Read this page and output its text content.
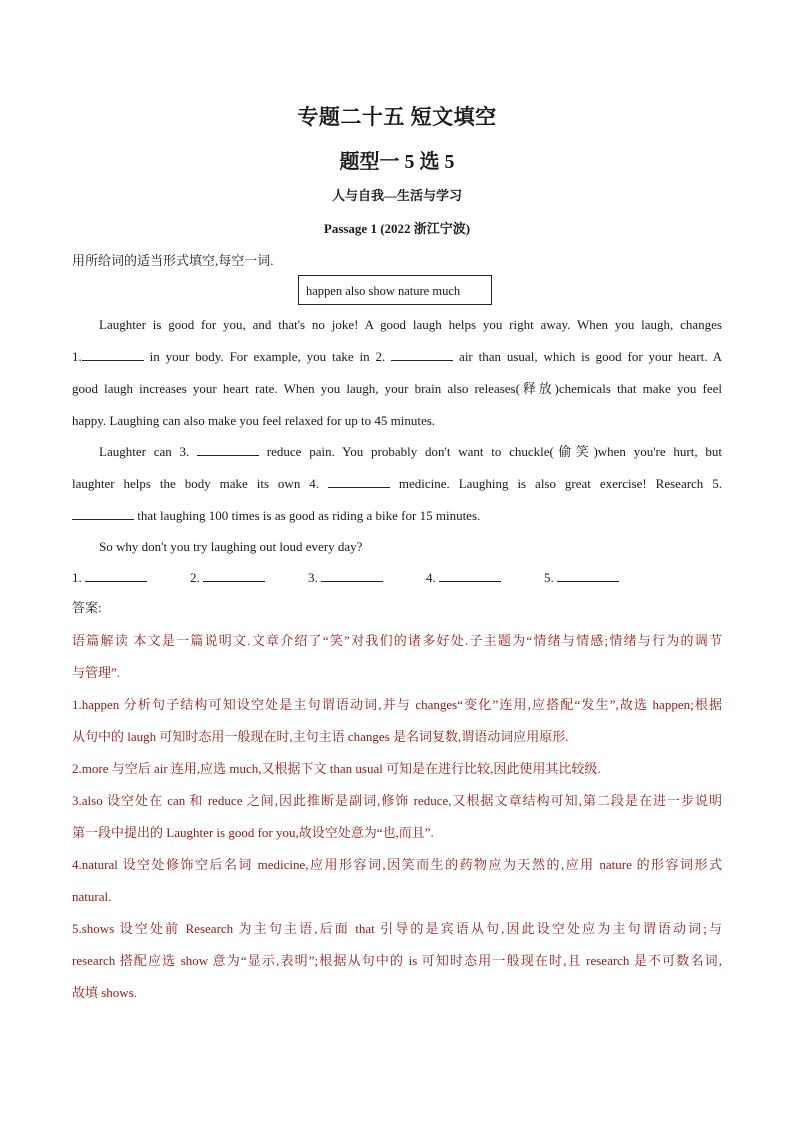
专题二十五 短文填空
题型一 5 选 5
人与自我—生活与学习
Passage 1 (2022 浙江宁波)
用所给词的适当形式填空,每空一词.
happen also show nature much
Laughter is good for you, and that's no joke! A good laugh helps you right away. When you laugh, changes
1.	in your body. For example, you take in 2.	air than usual, which is good for your heart. A
good laugh increases your heart rate. When you laugh, your brain also releases(释放)chemicals that make you feel
happy. Laughing can also make you feel relaxed for up to 45 minutes.
Laughter can 3.	reduce pain. You probably don't want to chuckle(偷笑)when you're hurt, but
laughter helps the body make its own 4.	medicine. Laughing is also great exercise! Research 5.
that laughing 100 times is as good as riding a bike for 15 minutes.
So why don't you try laughing out loud every day?
1.	2.	3.	4.	5.
答案:
语篇解读 本文是一篇说明文.文章介绍了“笑”对我们的诸多好处.子主题为“情绪与情感;情绪与行为的调节
与管理”.
1.happen 分析句子结构可知设空处是主句谓语动词,并与 changes“变化”连用,应搭配“发生”,故选 happen;根据
从句中的 laugh 可知时态用一般现在时,主句主语 changes 是名词复数,谓语动词应用原形.
2.more 与空后 air 连用,应选 much,又根据下文 than usual 可知是在进行比较,因此使用其比较级.
3.also 设空处在 can 和 reduce 之间,因此推断是副词,修饰 reduce,又根据文章结构可知,第二段是在进一步说明
第一段中提出的 Laughter is good for you,故设空处意为“也,而且”.
4.natural 设空处修饰空后名词 medicine,应用形容词,因笑而生的药物应为天然的,应用 nature 的形容词形式
natural.
5.shows 设空处前 Research 为主句主语,后面 that 引导的是宾语从句,因此设空处应为主句谓语动词;与
research 搭配应选 show 意为“显示,表明”;根据从句中的 is 可知时态用一般现在时,且 research 是不可数名词,
故填 shows.
